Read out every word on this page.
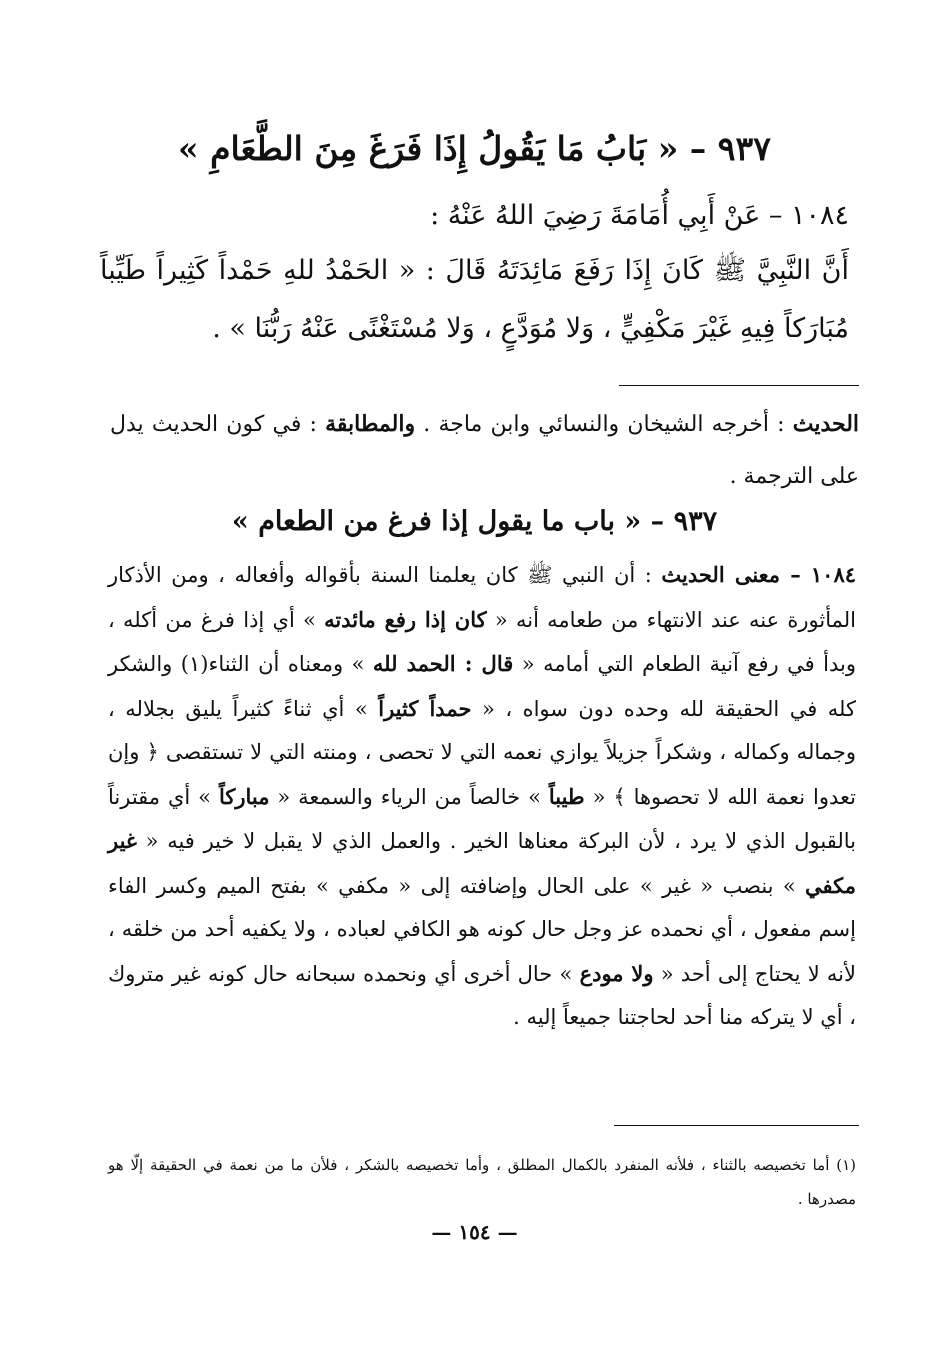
٩٣٧ – « بَابُ مَا يَقُولُ إِذَا فَرَغَ مِنَ الطَّعَامِ »
١٠٨٤ – عَنْ أَبِي أُمَامَةَ رَضِيَ اللهُ عَنْهُ :
أَنَّ النَّبِيَّ ﷺ كَانَ إِذَا رَفَعَ مَائِدَتَهُ قَالَ : « الحَمْدُ للهِ حَمْداً كَثِيراً طَيِّباً مُبَارَكاً فِيهِ غَيْرَ مَكْفِيٍّ ، وَلا مُوَدَّعٍ ، وَلا مُسْتَغْنًى عَنْهُ رَبُّنَا » .
الحديث : أخرجه الشيخان والنسائي وابن ماجة . والمطابقة : في كون الحديث يدل على الترجمة .
٩٣٧ – « باب ما يقول إذا فرغ من الطعام »
١٠٨٤ – معنى الحديث : أن النبي ﷺ كان يعلمنا السنة بأقواله وأفعاله ، ومن الأذكار المأثورة عنه عند الانتهاء من طعامه أنه « كان إذا رفع مائدته » أي إذا فرغ من أكله ، وبدأ في رفع آنية الطعام التي أمامه « قال : الحمد لله » ومعناه أن الثناء(١) والشكر كله في الحقيقة لله وحده دون سواه ، « حمداً كثيراً » أي ثناءً كثيراً يليق بجلاله ، وجماله وكماله ، وشكراً جزيلاً يوازي نعمه التي لا تحصى ، ومنته التي لا تستقصى ﴿ وإن تعدوا نعمة الله لا تحصوها ﴾ « طيباً » خالصاً من الرياء والسمعة « مباركاً » أي مقترناً بالقبول الذي لا يرد ، لأن البركة معناها الخير . والعمل الذي لا يقبل لا خير فيه « غير مكفي » بنصب « غير » على الحال وإضافته إلى « مكفي » بفتح الميم وكسر الفاء إسم مفعول ، أي نحمده عز وجل حال كونه هو الكافي لعباده ، ولا يكفيه أحد من خلقه ، لأنه لا يحتاج إلى أحد « ولا مودع » حال أخرى أي ونحمده سبحانه حال كونه غير متروك ، أي لا يتركه منا أحد لحاجتنا جميعاً إليه .
(١) أما تخصيصه بالثناء ، فلأنه المنفرد بالكمال المطلق ، وأما تخصيصه بالشكر ، فلأن ما من نعمة في الحقيقة إلّا هو مصدرها .
— ١٥٤ —
